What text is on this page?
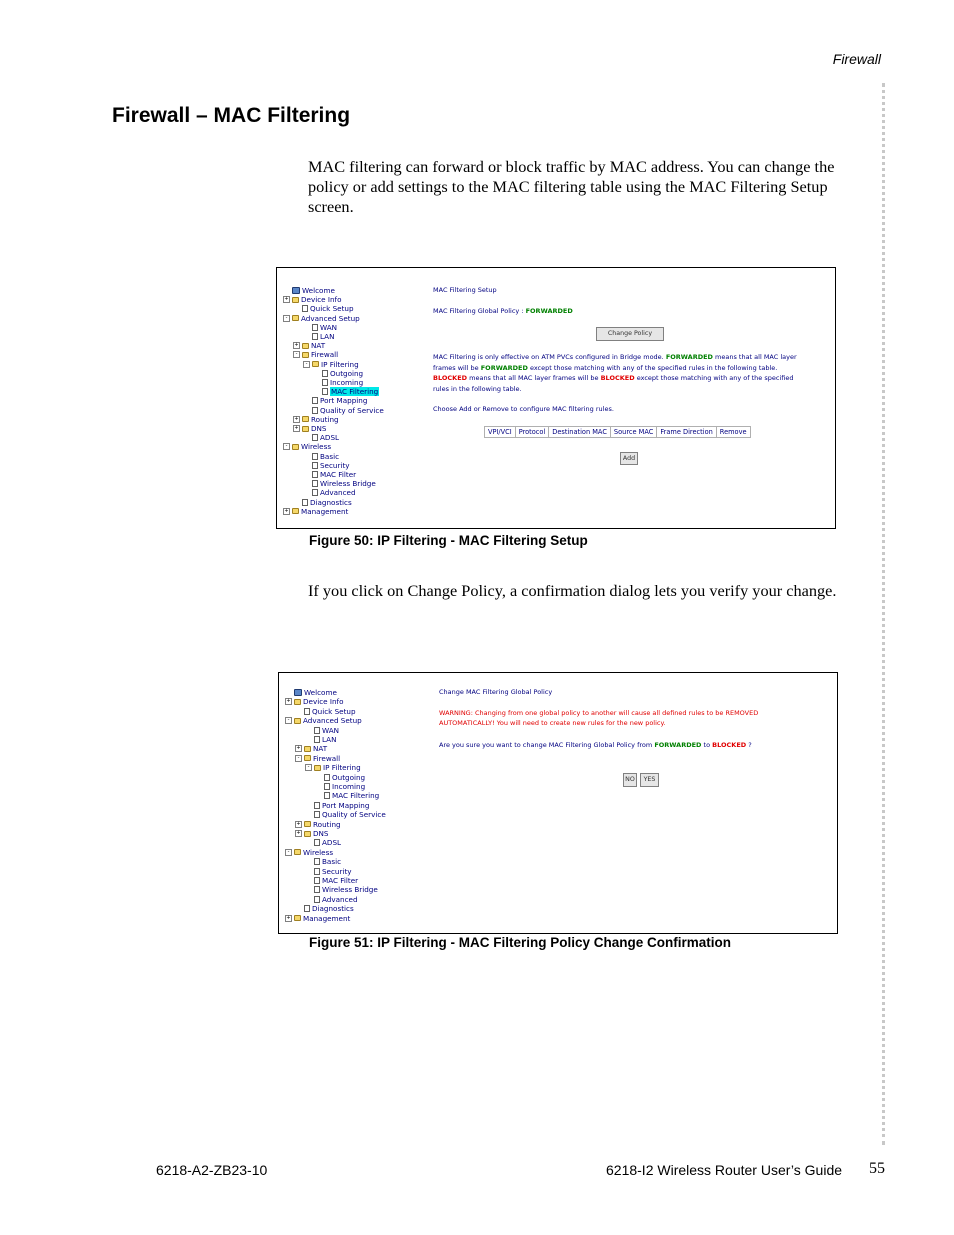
Firewall
Firewall – MAC Filtering
MAC filtering can forward or block traffic by MAC address. You can change the policy or add settings to the MAC filtering table using the MAC Filtering Setup screen.
Welcome
+ Device Info
Quick Setup
-	Advanced Setup
WAN
LAN
+ NAT
-	Firewall
-	IP Filtering
Outgoing
Incoming
MAC Filtering
Port Mapping
Quality of Service
+ Routing
+ DNS
ADSL
-	Wireless
Basic
Security
MAC Filter
Wireless Bridge
Advanced
Diagnostics
+ Management
MAC Filtering Setup
MAC Filtering Global Policy : FORWARDED
Change Policy
MAC Filtering is only effective on ATM PVCs configured in Bridge mode. FORWARDED means that all MAC layer frames will be FORWARDED except those matching with any of the specified rules in the following table. BLOCKED means that all MAC layer frames will be BLOCKED except those matching with any of the specified rules in the following table.
Choose Add or Remove to configure MAC filtering rules.
VPI/VCI	Protocol	Destination MAC	Source MAC	Frame Direction	Remove
Add
Figure 50: IP Filtering - MAC Filtering Setup
If you click on Change Policy, a confirmation dialog lets you verify your change.
Welcome
+ Device Info
Quick Setup
-	Advanced Setup
WAN
LAN
+ NAT
-	Firewall
-	IP Filtering
Outgoing
Incoming
MAC Filtering
Port Mapping
Quality of Service
+ Routing
+ DNS
ADSL
-	Wireless
Basic
Security
MAC Filter
Wireless Bridge
Advanced
Diagnostics
+ Management
Change MAC Filtering Global Policy
WARNING: Changing from one global policy to another will cause all defined rules to be REMOVED
AUTOMATICALLY! You will need to create new rules for the new policy.
Are you sure you want to change MAC Filtering Global Policy from FORWARDED to BLOCKED ?
NO	YES
Figure 51: IP Filtering - MAC Filtering Policy Change Confirmation
6218-A2-ZB23-10	6218-I2 Wireless Router User’s Guide 55
